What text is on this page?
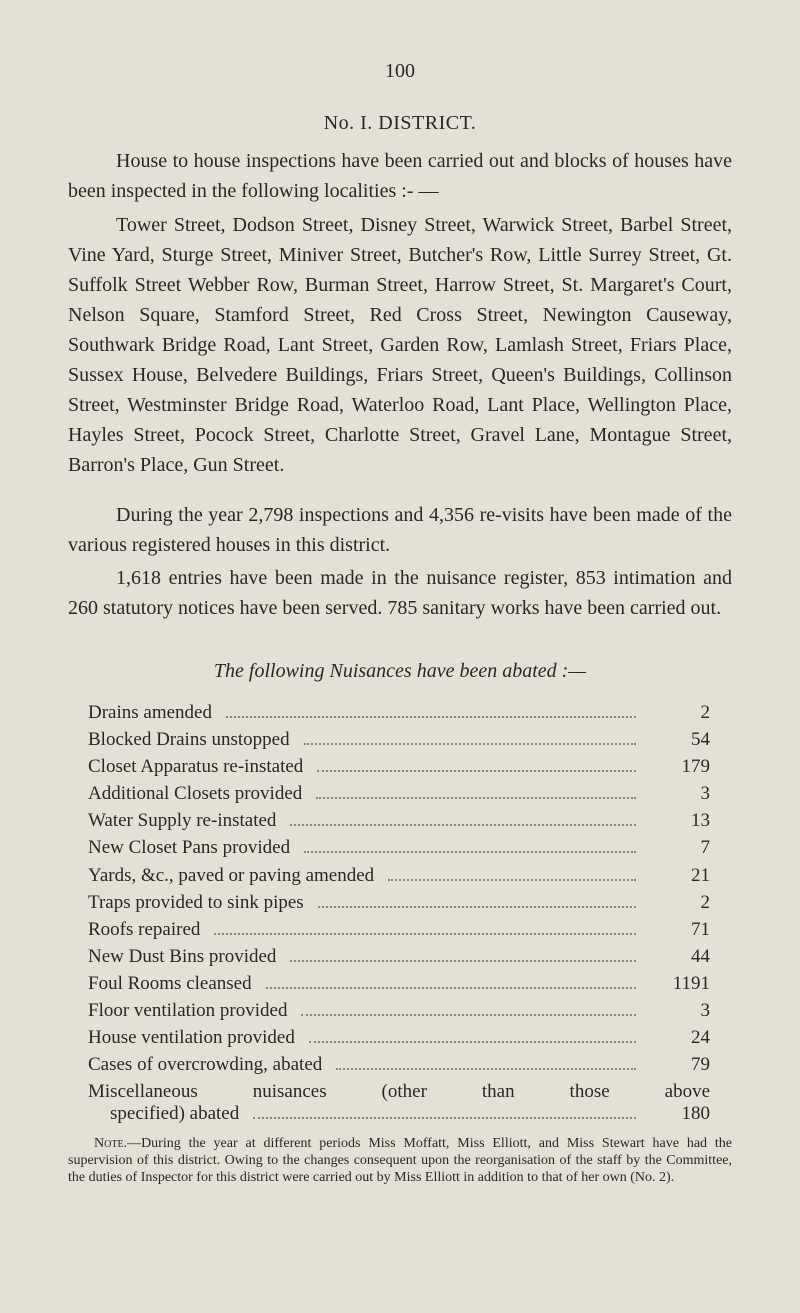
100
No. I. DISTRICT.

House to house inspections have been carried out and blocks of houses have been inspected in the following localities :- —

Tower Street, Dodson Street, Disney Street, Warwick Street, Barbel Street, Vine Yard, Sturge Street, Miniver Street, Butcher's Row, Little Surrey Street, Gt. Suffolk Street Webber Row, Burman Street, Harrow Street, St. Margaret's Court, Nelson Square, Stamford Street, Red Cross Street, Newington Causeway, Southwark Bridge Road, Lant Street, Garden Row, Lamlash Street, Friars Place, Sussex House, Belvedere Buildings, Friars Street, Queen's Buildings, Collinson Street, Westminster Bridge Road, Waterloo Road, Lant Place, Wellington Place, Hayles Street, Pocock Street, Charlotte Street, Gravel Lane, Montague Street, Barron's Place, Gun Street.

During the year 2,798 inspections and 4,356 re-visits have been made of the various registered houses in this district.

1,618 entries have been made in the nuisance register, 853 intimation and 260 statutory notices have been served. 785 sanitary works have been carried out.

The following Nuisances have been abated :—
Drains amended	2
Blocked Drains unstopped	54
Closet Apparatus re-instated	179
Additional Closets provided	3
Water Supply re-instated	13
New Closet Pans provided	7
Yards, &c., paved or paving amended	21
Traps provided to sink pipes	2
Roofs repaired	71
New Dust Bins provided	44
Foul Rooms cleansed	1191
Floor ventilation provided	3
House ventilation provided	24
Cases of overcrowding, abated	79
Miscellaneous nuisances (other than those above
specified) abated	180

Note.—During the year at different periods Miss Moffatt, Miss Elliott, and Miss Stewart have had the supervision of this district. Owing to the changes consequent upon the reorganisation of the staff by the Committee, the duties of Inspector for this district were carried out by Miss Elliott in addition to that of her own (No. 2).
